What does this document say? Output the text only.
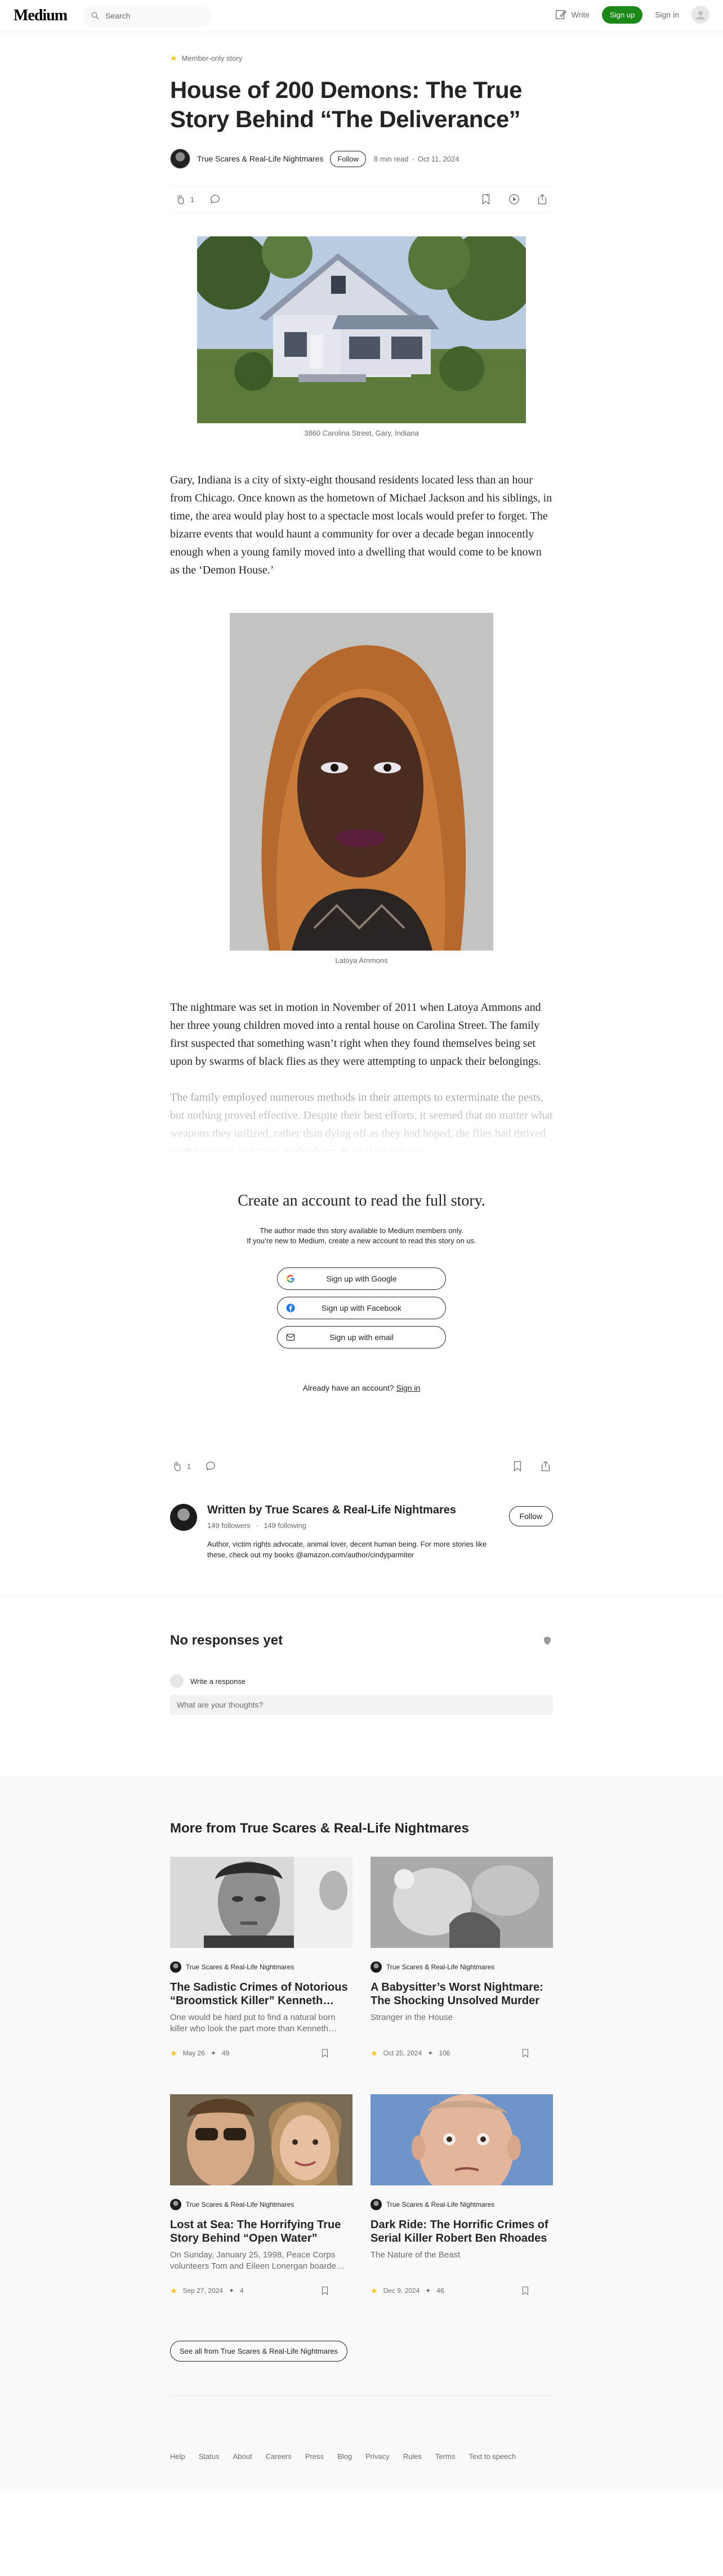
Medium	Search	Write	Sign up	Sign in
★ Member-only story
House of 200 Demons: The True Story Behind “The Deliverance”
True Scares & Real-Life Nightmares	Follow	8 min read · Oct 11, 2024
1
3860 Carolina Street, Gary, Indiana

Gary, Indiana is a city of sixty-eight thousand residents located less than an hour from Chicago. Once known as the hometown of Michael Jackson and his siblings, in time, the area would play host to a spectacle most locals would prefer to forget. The bizarre events that would haunt a community for over a decade began innocently enough when a young family moved into a dwelling that would come to be known as the ‘Demon House.’

Latoya Ammons

The nightmare was set in motion in November of 2011 when Latoya Ammons and her three young children moved into a rental house on Carolina Street. The family first suspected that something wasn’t right when they found themselves being set upon by swarms of black flies as they were attempting to unpack their belongings.

Create an account to read the full story.
The author made this story available to Medium members only.
If you’re new to Medium, create a new account to read this story on us.
Sign up with Google
Sign up with Facebook
Sign up with email
Already have an account? Sign in
1
Written by True Scares & Real-Life Nightmares
149 followers · 149 following
Author, victim rights advocate, animal lover, decent human being. For more stories like these, check out my books @amazon.com/author/cindyparmiter
Follow
No responses yet
Write a response
What are your thoughts?
More from True Scares & Real-Life Nightmares
True Scares & Real-Life Nightmares
The Sadistic Crimes of Notorious “Broomstick Killer” Kenneth…
One would be hard put to find a natural born killer who look the part more than Kenneth…
★ May 26 ✦ 49
True Scares & Real-Life Nightmares
A Babysitter’s Worst Nightmare: The Shocking Unsolved Murder
Stranger in the House
★ Oct 25, 2024 ✦ 106
True Scares & Real-Life Nightmares
Lost at Sea: The Horrifying True Story Behind “Open Water”
On Sunday, January 25, 1998, Peace Corps volunteers Tom and Eileen Lonergan boarde…
★ Sep 27, 2024 ✦ 4
True Scares & Real-Life Nightmares
Dark Ride: The Horrific Crimes of Serial Killer Robert Ben Rhoades
The Nature of the Beast
★ Dec 9, 2024 ✦ 46
See all from True Scares & Real-Life Nightmares
Help Status About Careers Press Blog Privacy Rules Terms Text to speech
